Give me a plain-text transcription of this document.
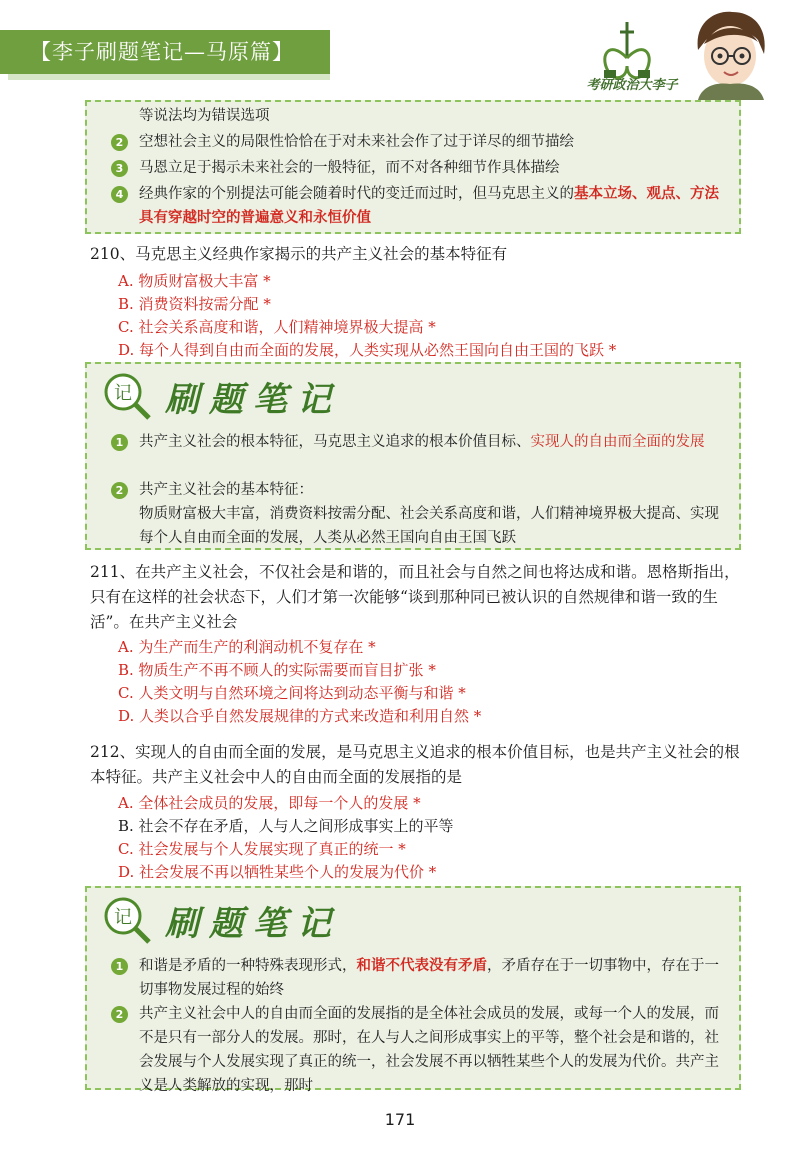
【李子刷题笔记—马原篇】
考研政治大李子
等说法均为错误选项
2	空想社会主义的局限性恰恰在于对未来社会作了过于详尽的细节描绘
3	马恩立足于揭示未来社会的一般特征，而不对各种细节作具体描绘
4	经典作家的个别提法可能会随着时代的变迁而过时，但马克思主义的基本立场、观点、方法具有穿越时空的普遍意义和永恒价值
210、马克思主义经典作家揭示的共产主义社会的基本特征有
A. 物质财富极大丰富 *
B. 消费资料按需分配 *
C. 社会关系高度和谐，人们精神境界极大提高 *
D. 每个人得到自由而全面的发展，人类实现从必然王国向自由王国的飞跃 *
记 刷题笔记
1	共产主义社会的根本特征，马克思主义追求的根本价值目标、实现人的自由而全面的发展
2	共产主义社会的基本特征：
物质财富极大丰富，消费资料按需分配、社会关系高度和谐，人们精神境界极大提高、实现每个人自由而全面的发展，人类从必然王国向自由王国飞跃
211、在共产主义社会，不仅社会是和谐的，而且社会与自然之间也将达成和谐。恩格斯指出，只有在这样的社会状态下，人们才第一次能够“谈到那种同已被认识的自然规律和谐一致的生活”。在共产主义社会
A. 为生产而生产的利润动机不复存在 *
B. 物质生产不再不顾人的实际需要而盲目扩张 *
C. 人类文明与自然环境之间将达到动态平衡与和谐 *
D. 人类以合乎自然发展规律的方式来改造和利用自然 *
212、实现人的自由而全面的发展，是马克思主义追求的根本价值目标，也是共产主义社会的根本特征。共产主义社会中人的自由而全面的发展指的是
A. 全体社会成员的发展，即每一个人的发展 *
B. 社会不存在矛盾，人与人之间形成事实上的平等
C. 社会发展与个人发展实现了真正的统一 *
D. 社会发展不再以牺牲某些个人的发展为代价 *
记 刷题笔记
1	和谐是矛盾的一种特殊表现形式，和谐不代表没有矛盾，矛盾存在于一切事物中，存在于一切事物发展过程的始终
2	共产主义社会中人的自由而全面的发展指的是全体社会成员的发展，或每一个人的发展，而不是只有一部分人的发展。那时，在人与人之间形成事实上的平等，整个社会是和谐的，社会发展与个人发展实现了真正的统一，社会发展不再以牺牲某些个人的发展为代价。共产主义是人类解放的实现，那时
171
